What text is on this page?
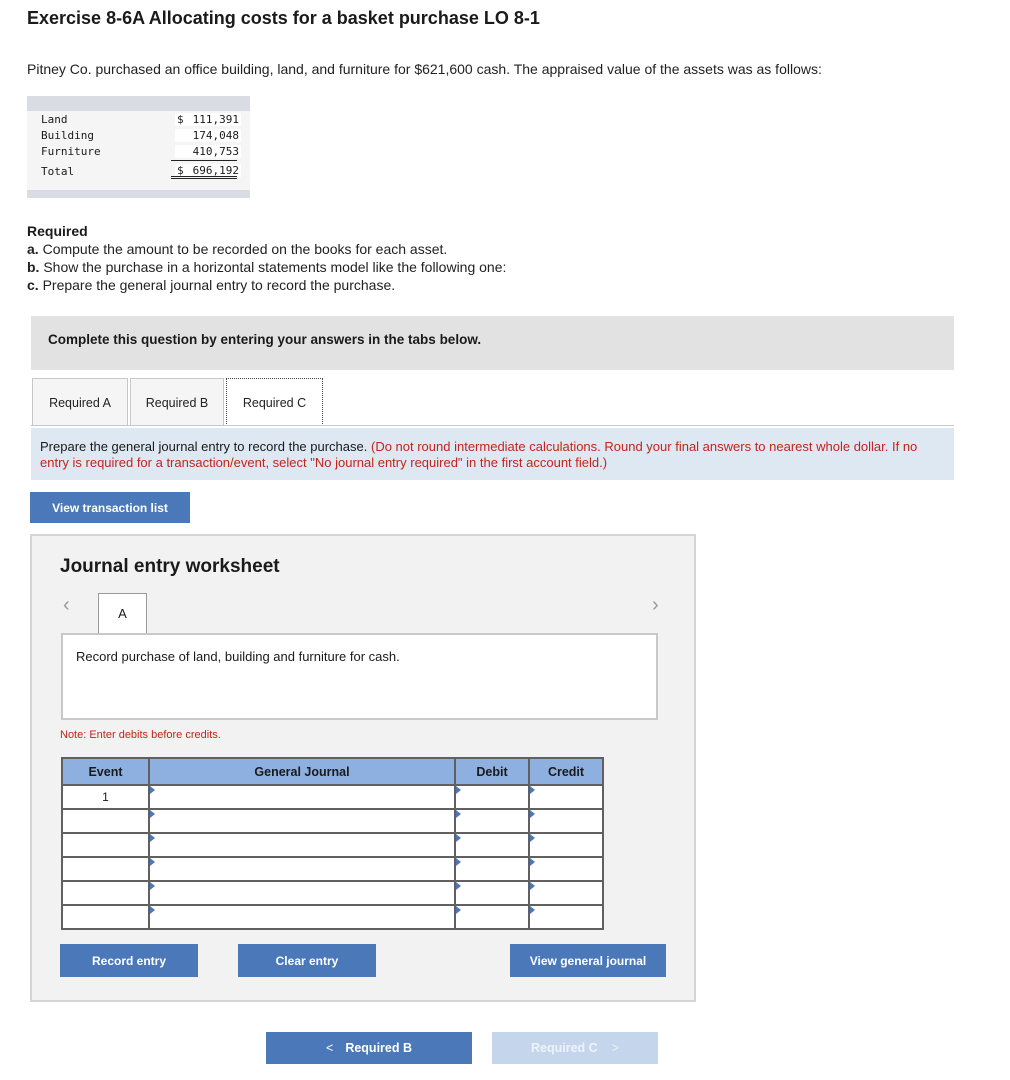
Exercise 8-6A Allocating costs for a basket purchase LO 8-1
Pitney Co. purchased an office building, land, and furniture for $621,600 cash. The appraised value of the assets was as follows:
Land	$ 111,391
Building	174,048
Furniture	410,753
Total	$ 696,192
Required
a. Compute the amount to be recorded on the books for each asset.
b. Show the purchase in a horizontal statements model like the following one:
c. Prepare the general journal entry to record the purchase.
Complete this question by entering your answers in the tabs below.
Required A	Required B	Required C
Prepare the general journal entry to record the purchase. (Do not round intermediate calculations. Round your final answers to nearest whole dollar. If no entry is required for a transaction/event, select "No journal entry required" in the first account field.)
View transaction list
Journal entry worksheet
‹	›
A
Record purchase of land, building and furniture for cash.
Note: Enter debits before credits.
Event	General Journal	Debit	Credit
1	

Record entry	Clear entry	View general journal
< Required B	Required C >
